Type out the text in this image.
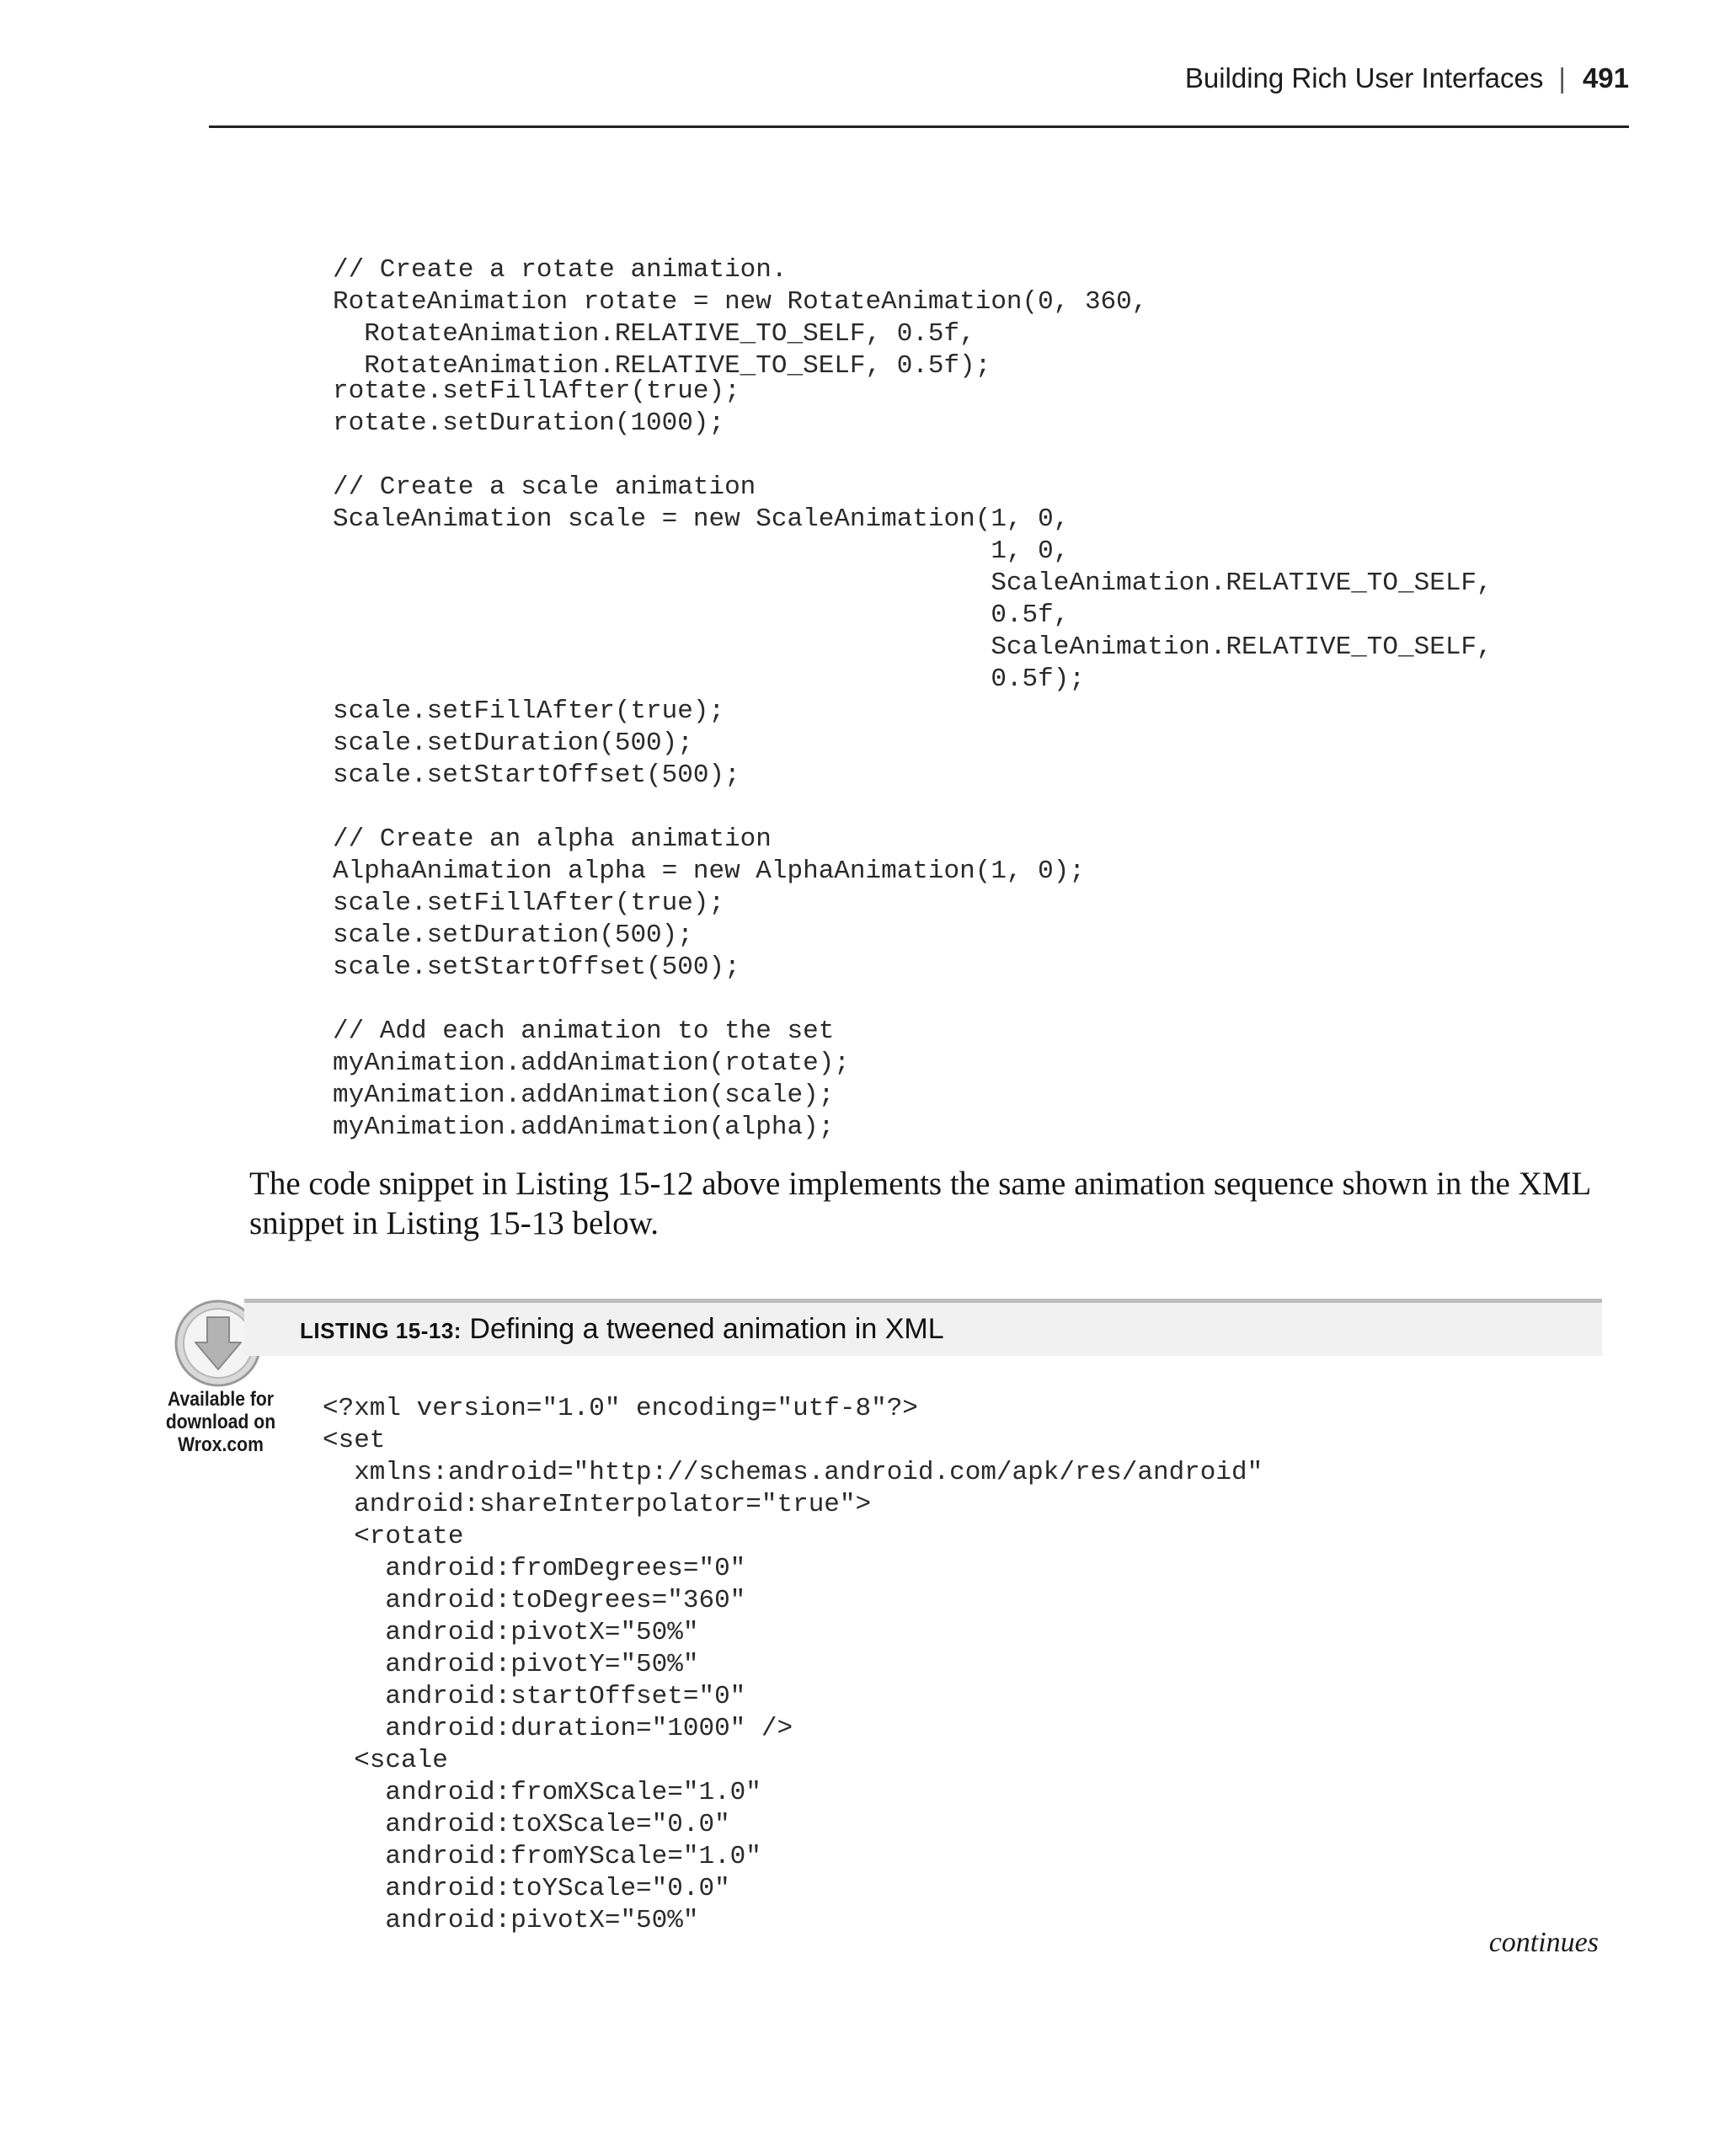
Building Rich User Interfaces | 491
// Create a rotate animation.
RotateAnimation rotate = new RotateAnimation(0, 360,
RotateAnimation.RELATIVE_TO_SELF, 0.5f,
RotateAnimation.RELATIVE_TO_SELF, 0.5f);
rotate.setFillAfter(true);
rotate.setDuration(1000);
// Create a scale animation
ScaleAnimation scale = new ScaleAnimation(1, 0,
1, 0,
ScaleAnimation.RELATIVE_TO_SELF,
0.5f,
ScaleAnimation.RELATIVE_TO_SELF,
0.5f);
scale.setFillAfter(true);
scale.setDuration(500);
scale.setStartOffset(500);
// Create an alpha animation
AlphaAnimation alpha = new AlphaAnimation(1, 0);
scale.setFillAfter(true);
scale.setDuration(500);
scale.setStartOffset(500);
// Add each animation to the set
myAnimation.addAnimation(rotate);
myAnimation.addAnimation(scale);
myAnimation.addAnimation(alpha);

The code snippet in Listing 15-12 above implements the same animation sequence shown in the XML snippet in Listing 15-13 below.

LISTING 15-13: Defining a tweened animation in XML
Available for
download on
Wrox.com
<?xml version="1.0" encoding="utf-8"?>
<set
xmlns:android="http://schemas.android.com/apk/res/android"
android:shareInterpolator="true">
<rotate
android:fromDegrees="0"
android:toDegrees="360"
android:pivotX="50%"
android:pivotY="50%"
android:startOffset="0"
android:duration="1000" />
<scale
android:fromXScale="1.0"
android:toXScale="0.0"
android:fromYScale="1.0"
android:toYScale="0.0"
android:pivotX="50%"
continues
